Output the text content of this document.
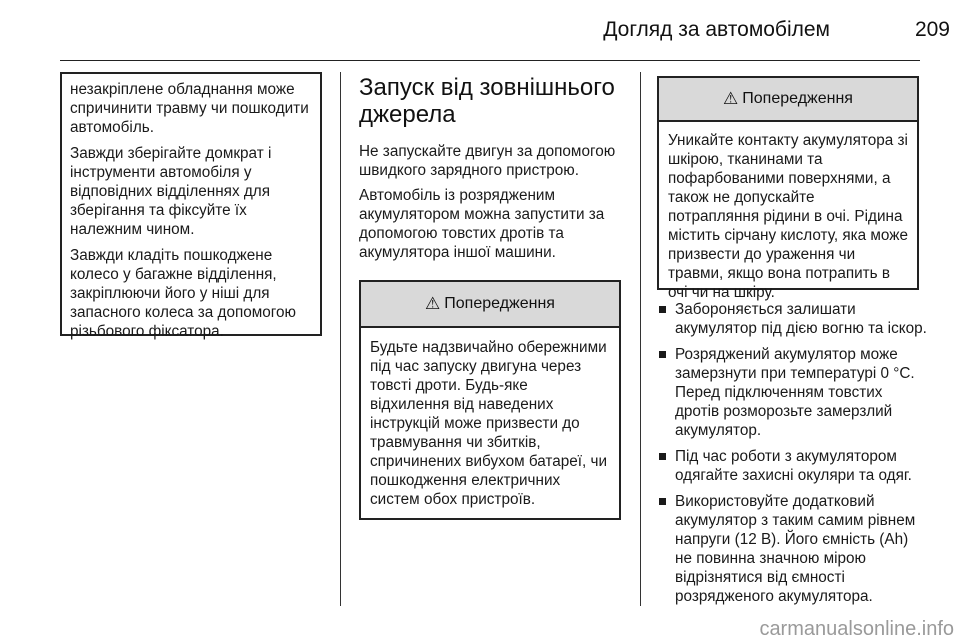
Догляд за автомобілем	209

незакріплене обладнання може спричинити травму чи пошкодити автомобіль.

Завжди зберігайте домкрат і інструменти автомобіля у відповідних відділеннях для зберігання та фіксуйте їх належним чином.

Завжди кладіть пошкоджене колесо у багажне відділення, закріплюючи його у ніші для запасного колеса за допомогою різьбового фіксатора.

Запуск від зовнішнього джерела

Не запускайте двигун за допомогою швидкого зарядного пристрою.

Автомобіль із розрядженим акумулятором можна запустити за допомогою товстих дротів та акумулятора іншої машини.

⚠ Попередження
Будьте надзвичайно обережними під час запуску двигуна через товсті дроти. Будь-яке відхилення від наведених інструкцій може призвести до травмування чи збитків, спричинених вибухом батареї, чи пошкодження електричних систем обох пристроїв.
⚠ Попередження
Уникайте контакту акумулятора зі шкірою, тканинами та пофарбованими поверхнями, а також не допускайте потрапляння рідини в очі. Рідина містить сірчану кислоту, яка може призвести до ураження чи травми, якщо вона потрапить в очі чи на шкіру.
Забороняється залишати акумулятор під дією вогню та іскор.
Розряджений акумулятор може замерзнути при температурі 0 °C. Перед підключенням товстих дротів розморозьте замерзлий акумулятор.
Під час роботи з акумулятором одягайте захисні окуляри та одяг.
Використовуйте додатковий акумулятор з таким самим рівнем напруги (12 В). Його ємність (Ah) не повинна значною мірою відрізнятися від ємності розрядженого акумулятора.
carmanualsonline.info
